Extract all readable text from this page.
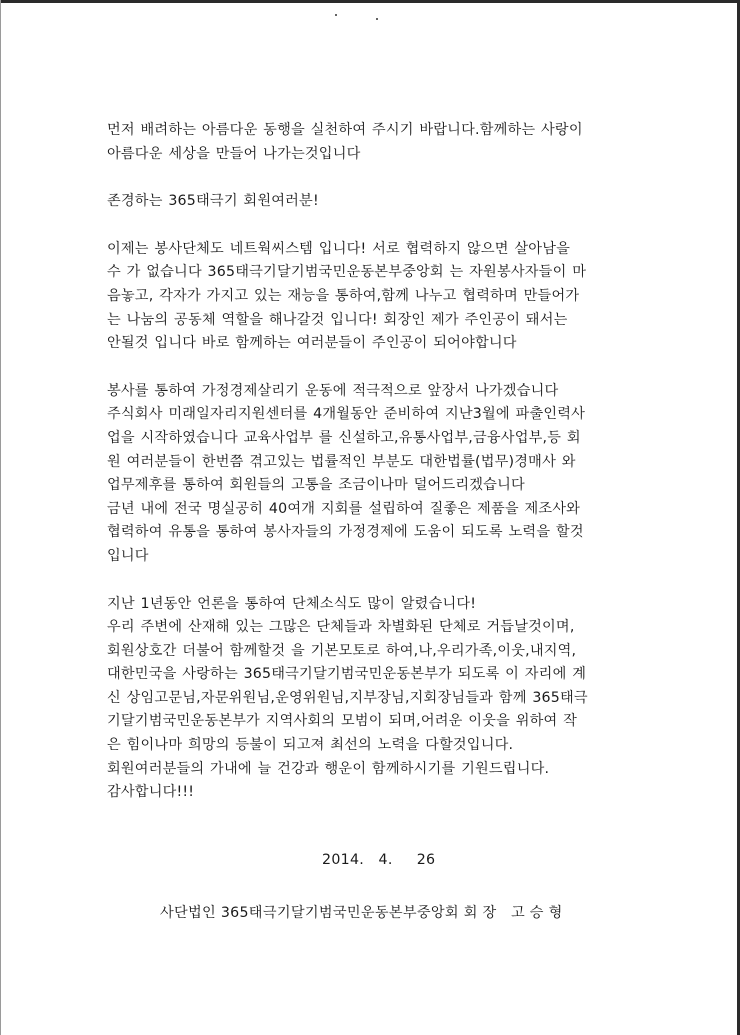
먼저 배려하는 아름다운 동행을 실천하여 주시기 바랍니다.함께하는 사랑이
아름다운 세상을 만들어 나가는것입니다
존경하는 365태극기 회원여러분!
이제는 봉사단체도 네트웍씨스템 입니다! 서로 협력하지 않으면 살아남을
수 가 없습니다 365태극기달기범국민운동본부중앙회 는 자원봉사자들이 마
음놓고, 각자가 가지고 있는 재능을 통하여,함께 나누고 협력하며 만들어가
는 나눔의 공동체 역할을 해나갈것 입니다! 회장인 제가 주인공이 돼서는
안될것 입니다 바로 함께하는 여러분들이 주인공이 되어야합니다
봉사를 통하여 가정경제살리기 운동에 적극적으로 앞장서 나가겠습니다
주식회사 미래일자리지원센터를 4개월동안 준비하여 지난3월에 파출인력사
업을 시작하였습니다 교육사업부 를 신설하고,유통사업부,금융사업부,등 회
원 여러분들이 한번쯤 겪고있는 법률적인 부분도 대한법률(법무)경매사 와
업무제후를 통하여 회원들의 고통을 조금이나마 덜어드리겠습니다
금년 내에 전국 명실공히 40여개 지회를 설립하여 질좋은 제품을 제조사와
협력하여 유통을 통하여 봉사자들의 가정경제에 도움이 되도록 노력을 할것
입니다
지난 1년동안 언론을 통하여 단체소식도 많이 알렸습니다!
우리 주변에 산재해 있는 그많은 단체들과 차별화된 단체로 거듭날것이며,
회원상호간 더불어 함께할것 을 기본모토로 하여,나,우리가족,이웃,내지역,
대한민국을 사랑하는 365태극기달기범국민운동본부가 되도록 이 자리에 계
신 상임고문님,자문위원님,운영위원님,지부장님,지회장님들과 함께 365태극
기달기범국민운동본부가 지역사회의 모범이 되며,어려운 이웃을 위하여 작
은 힘이나마 희망의 등불이 되고져 최선의 노력을 다할것입니다.
회원여러분들의 가내에 늘 건강과 행운이 함께하시기를 기원드립니다.
감사합니다!!!
2014.   4.     26
사단법인 365태극기달기범국민운동본부중앙회 회 장   고 승 형
